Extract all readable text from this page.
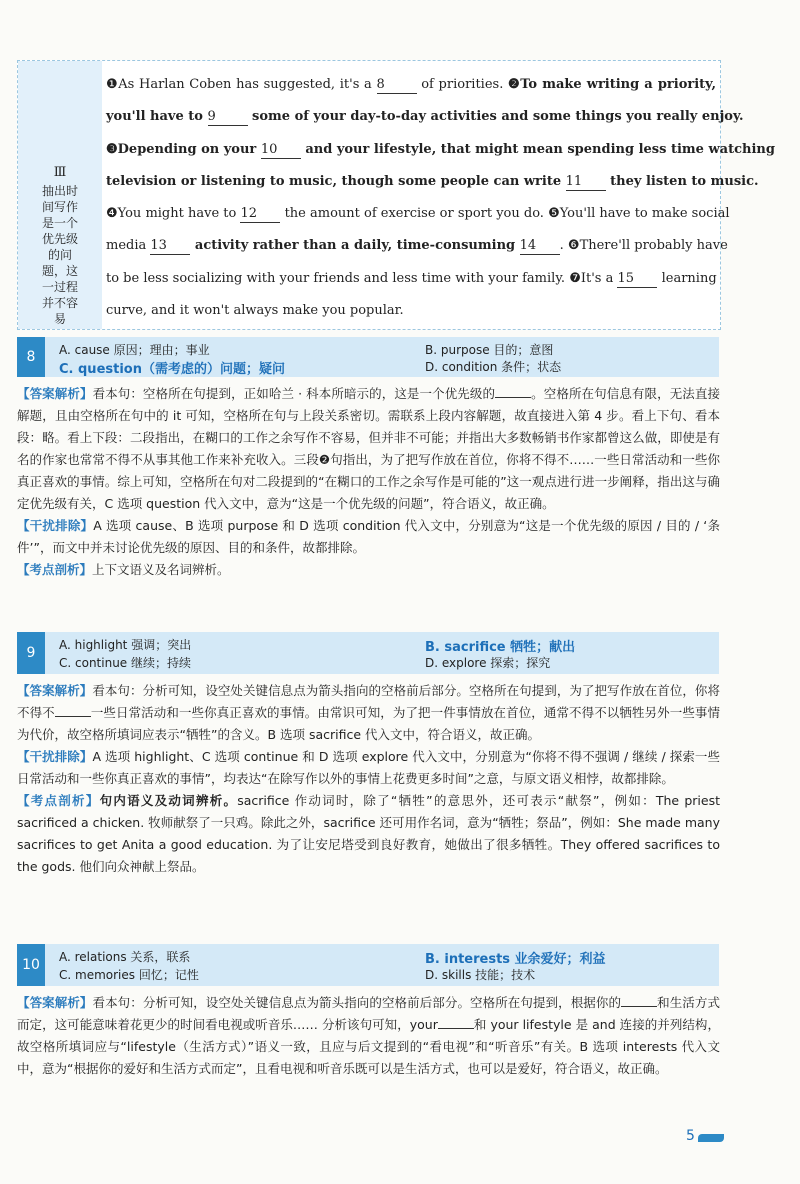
Ⅲ
抽出时间写作是一个优先级的问题，这一过程并不容易
❶As Harlan Coben has suggested, it's a 8 of priorities. ❷To make writing a priority,
you'll have to 9 some of your day-to-day activities and some things you really enjoy.
❸Depending on your 10 and your lifestyle, that might mean spending less time watching
television or listening to music, though some people can write 11 they listen to music.
❹You might have to 12 the amount of exercise or sport you do. ❺You'll have to make social
media 13 activity rather than a daily, time-consuming 14 . ❻There'll probably have
to be less socializing with your friends and less time with your family. ❼It's a 15 learning
curve, and it won't always make you popular.
8	A. cause 原因；理由；事业	B. purpose 目的；意图
C. question（需考虑的）问题；疑问	D. condition 条件；状态
【答案解析】看本句：空格所在句提到，正如哈兰 · 科本所暗示的，这是一个优先级的	。空格所在句信息有限，无法直接解题，且由空格所在句中的 it 可知，空格所在句与上段关系密切。需联系上段内容解题，故直接进入第 4 步。看上下句、看本段：略。看上下段：二段指出，在糊口的工作之余写作不容易，但并非不可能；并指出大多数畅销书作家都曾这么做，即使是有名的作家也常常不得不从事其他工作来补充收入。三段❷句指出，为了把写作放在首位，你将不得不……一些日常活动和一些你真正喜欢的事情。综上可知，空格所在句对二段提到的“在糊口的工作之余写作是可能的”这一观点进行进一步阐释，指出这与确定优先级有关，C 选项 question 代入文中，意为“这是一个优先级的问题”，符合语义，故正确。
【干扰排除】A 选项 cause、B 选项 purpose 和 D 选项 condition 代入文中，分别意为“这是一个优先级的原因 / 目的 / ‘条件’”，而文中并未讨论优先级的原因、目的和条件，故都排除。
【考点剖析】上下文语义及名词辨析。
9	A. highlight 强调；突出	B. sacrifice 牺牲；献出
C. continue 继续；持续	D. explore 探索；探究
【答案解析】看本句：分析可知，设空处关键信息点为箭头指向的空格前后部分。空格所在句提到，为了把写作放在首位，你将不得不	一些日常活动和一些你真正喜欢的事情。由常识可知，为了把一件事情放在首位，通常不得不以牺牲另外一些事情为代价，故空格所填词应表示“牺牲”的含义。B 选项 sacrifice 代入文中，符合语义，故正确。
【干扰排除】A 选项 highlight、C 选项 continue 和 D 选项 explore 代入文中，分别意为“你将不得不强调 / 继续 / 探索一些日常活动和一些你真正喜欢的事情”，均表达“在除写作以外的事情上花费更多时间”之意，与原文语义相悖，故都排除。
【考点剖析】句内语义及动词辨析。sacrifice 作动词时，除了“牺牲”的意思外，还可表示“献祭”，例如：The priest sacrificed a chicken. 牧师献祭了一只鸡。除此之外，sacrifice 还可用作名词，意为“牺牲；祭品”，例如：She made many sacrifices to get Anita a good education. 为了让安尼塔受到良好教育，她做出了很多牺牲。They offered sacrifices to the gods. 他们向众神献上祭品。
10	A. relations 关系，联系	B. interests 业余爱好；利益
C. memories 回忆；记性	D. skills 技能；技术
【答案解析】看本句：分析可知，设空处关键信息点为箭头指向的空格前后部分。空格所在句提到，根据你的	和生活方式而定，这可能意味着花更少的时间看电视或听音乐…… 分析该句可知，your	和 your lifestyle 是 and 连接的并列结构，故空格所填词应与“lifestyle（生活方式）”语义一致，且应与后文提到的“看电视”和“听音乐”有关。B 选项 interests 代入文中，意为“根据你的爱好和生活方式而定”，且看电视和听音乐既可以是生活方式，也可以是爱好，符合语义，故正确。
5
